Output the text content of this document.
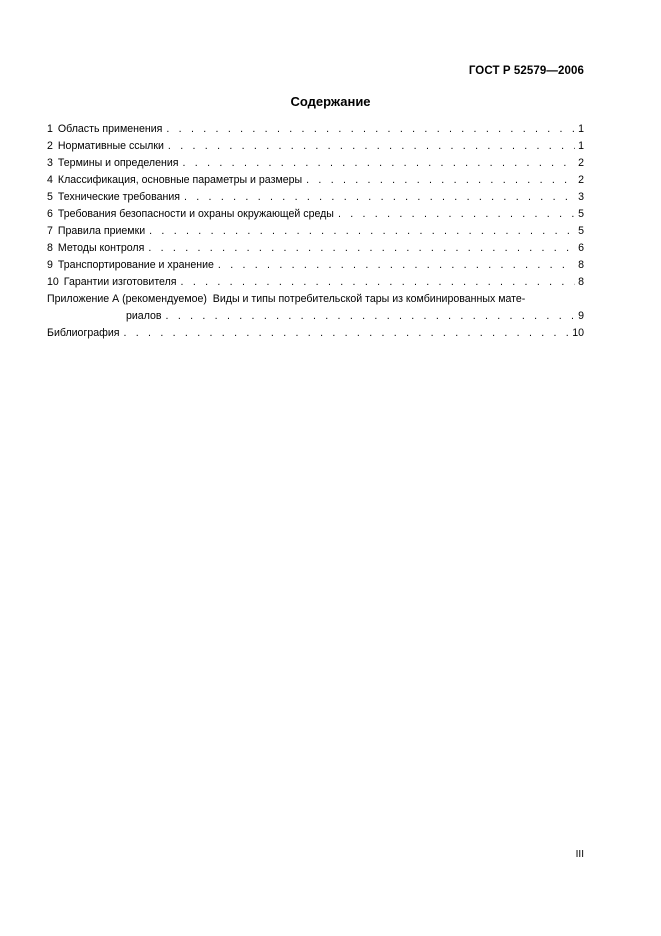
ГОСТ Р 52579—2006
Содержание
1 Область применения . . .	1
2 Нормативные ссылки . . .	1
3 Термины и определения . . .	2
4 Классификация, основные параметры и размеры . . .	2
5 Технические требования . . .	3
6 Требования безопасности и охраны окружающей среды . . .	5
7 Правила приемки . . .	5
8 Методы контроля . . .	6
9 Транспортирование и хранение . . .	8
10 Гарантии изготовителя . . .	8
Приложение А (рекомендуемое)  Виды и типы потребительской тары из комбинированных мате-
риалов . . .	9
Библиография . . .	10
III
